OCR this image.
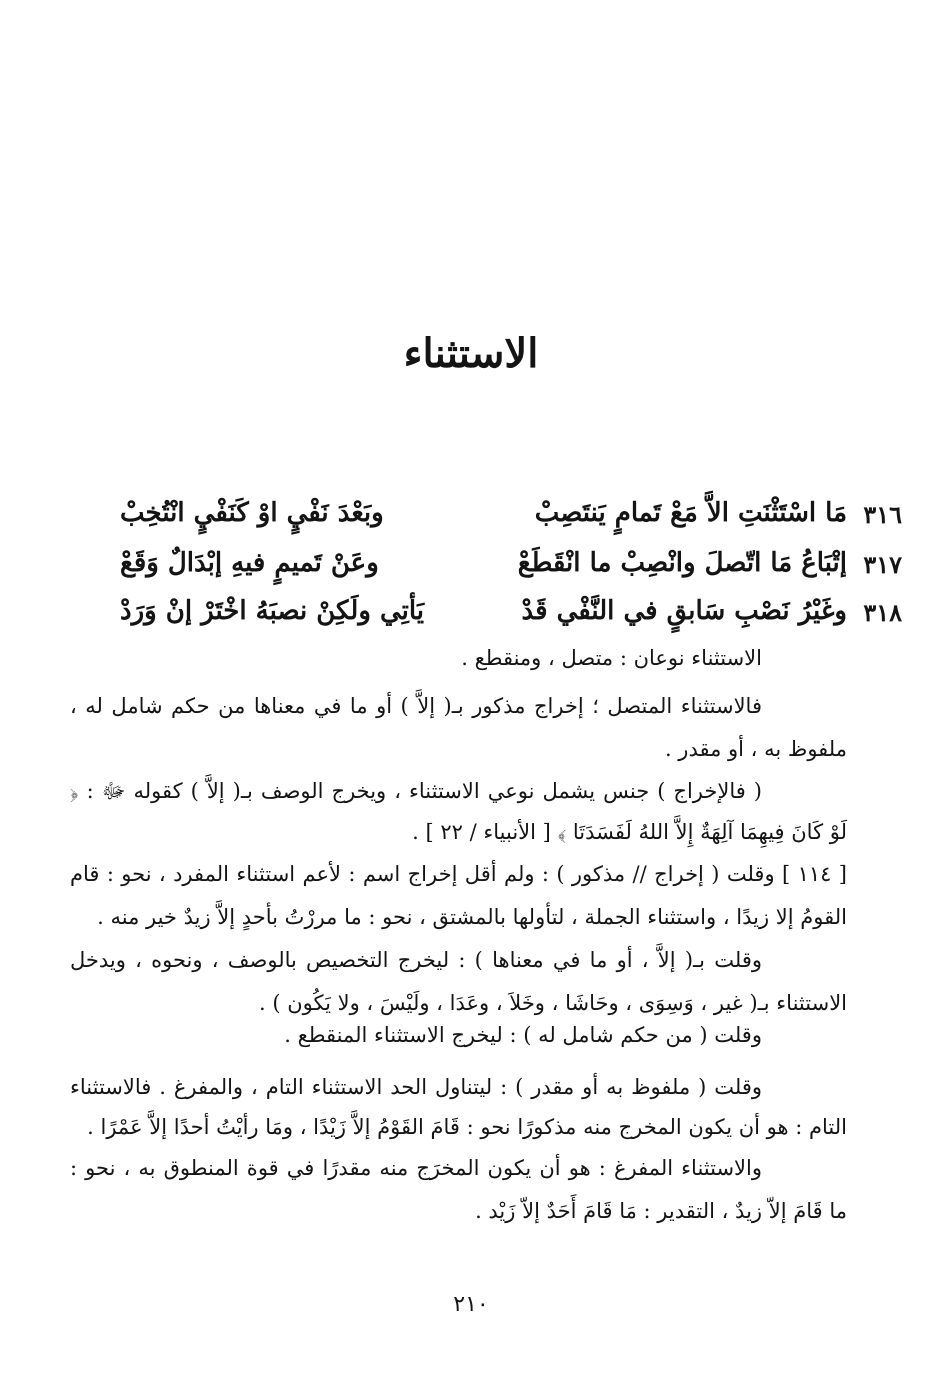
الاستثناء
٣١٦
مَا اسْتَثْنَتِ الاَّ مَعْ تَمامٍ يَنتَصِبْ
وبَعْدَ نَفْيٍ اوْ كَنَفْيٍ انْتُخِبْ
٣١٧
إتْبَاعُ مَا اتّصلَ وانْصِبْ ما انْقَطَعْ
وعَنْ تَميمٍ فيهِ إبْدَالٌ وَقَعْ
٣١٨
وغَيْرُ نَصْبِ سَابقٍ في النَّفْي قَدْ
يَأتِي ولَكِنْ نصبَهُ اخْتَرْ إنْ وَرَدْ

الاستثناء نوعان : متصل ، ومنقطع .

فالاستثناء المتصل ؛ إخراج مذكور بـ( إلاَّ ) أو ما في معناها من حكم شامل له ، ملفوظ به ، أو مقدر .

( فالإخراج ) جنس يشمل نوعي الاستثناء ، ويخرج الوصف بـ( إلاَّ ) كقوله ﷻ : ﴿ لَوْ كَانَ فِيهِمَا آلِهَةٌ إِلاَّ اللهُ لَفَسَدَتَا ﴾ [ الأنبياء / ٢٢ ] .

[ ١١٤ ] وقلت ( إخراج // مذكور ) : ولم أقل إخراج اسم : لأعم استثناء المفرد ، نحو : قام القومُ إلا زيدًا ، واستثناء الجملة ، لتأولها بالمشتق ، نحو : ما مررْتُ بأحدٍ إلاَّ زيدٌ خير منه .

وقلت بـ( إلاَّ ، أو ما في معناها ) : ليخرج التخصيص بالوصف ، ونحوه ، ويدخل الاستثناء بـ( غير ، وَسِوَى ، وحَاشَا ، وخَلاَ ، وعَدَا ، ولَيْسَ ، ولا يَكُون ) .

وقلت ( من حكم شامل له ) : ليخرج الاستثناء المنقطع .

وقلت ( ملفوظ به أو مقدر ) : ليتناول الحد الاستثناء التام ، والمفرغ . فالاستثناء التام : هو أن يكون المخرج منه مذكورًا نحو : قَامَ القَوْمُ إلاَّ زَيْدًا ، ومَا رأيْتُ أحدًا إلاَّ عَمْرًا .

والاستثناء المفرغ : هو أن يكون المخرَج منه مقدرًا في قوة المنطوق به ، نحو : ما قَامَ إلاّ زيدٌ ، التقدير : مَا قَامَ أَحَدٌ إلاّ زَيْد .

٢١٠
